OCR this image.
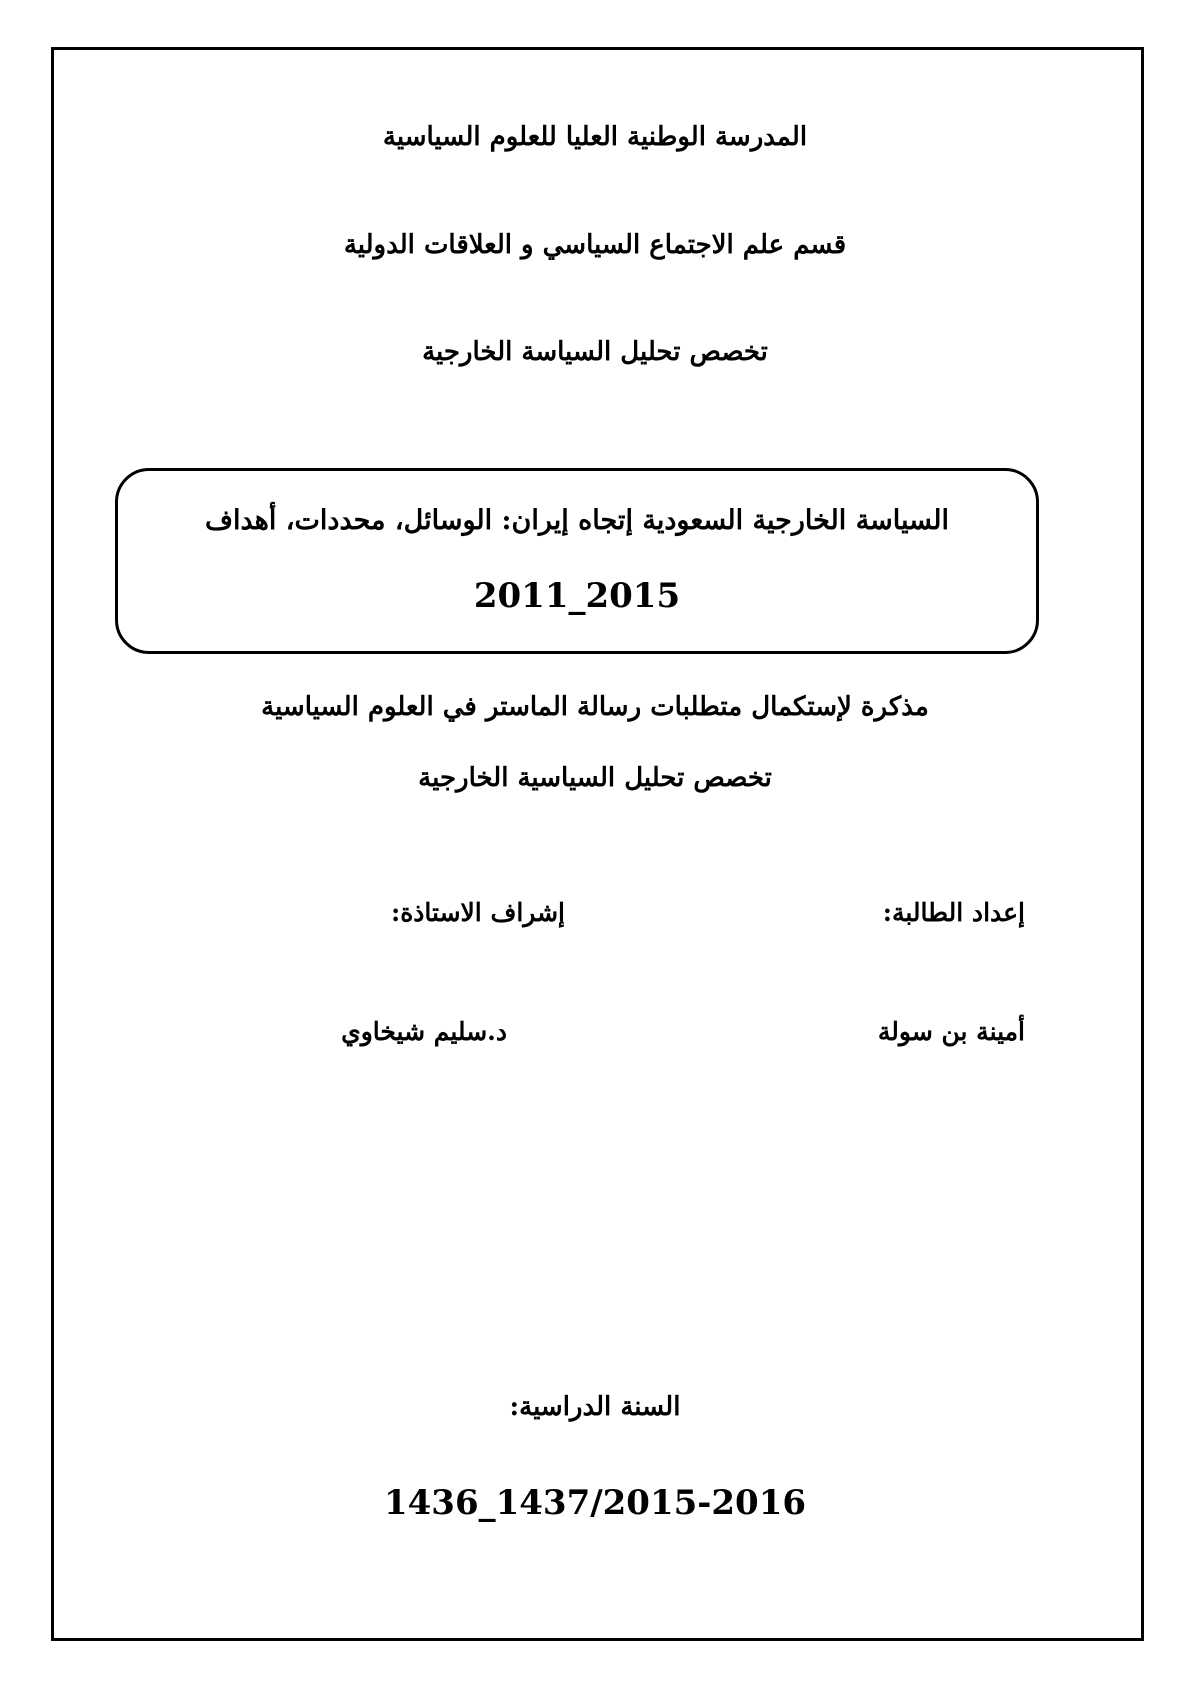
المدرسة الوطنية العليا للعلوم السياسية
قسم علم الاجتماع السياسي و العلاقات الدولية
تخصص تحليل السياسة الخارجية
السياسة الخارجية السعودية إتجاه إيران: الوسائل، محددات، أهداف
2011_2015
مذكرة لإستكمال متطلبات رسالة الماستر في العلوم السياسية
تخصص تحليل السياسية الخارجية
إعداد الطالبة:
إشراف الاستاذة:
أمينة بن سولة
د.سليم شيخاوي
السنة الدراسية:
1436_1437/2015-2016
